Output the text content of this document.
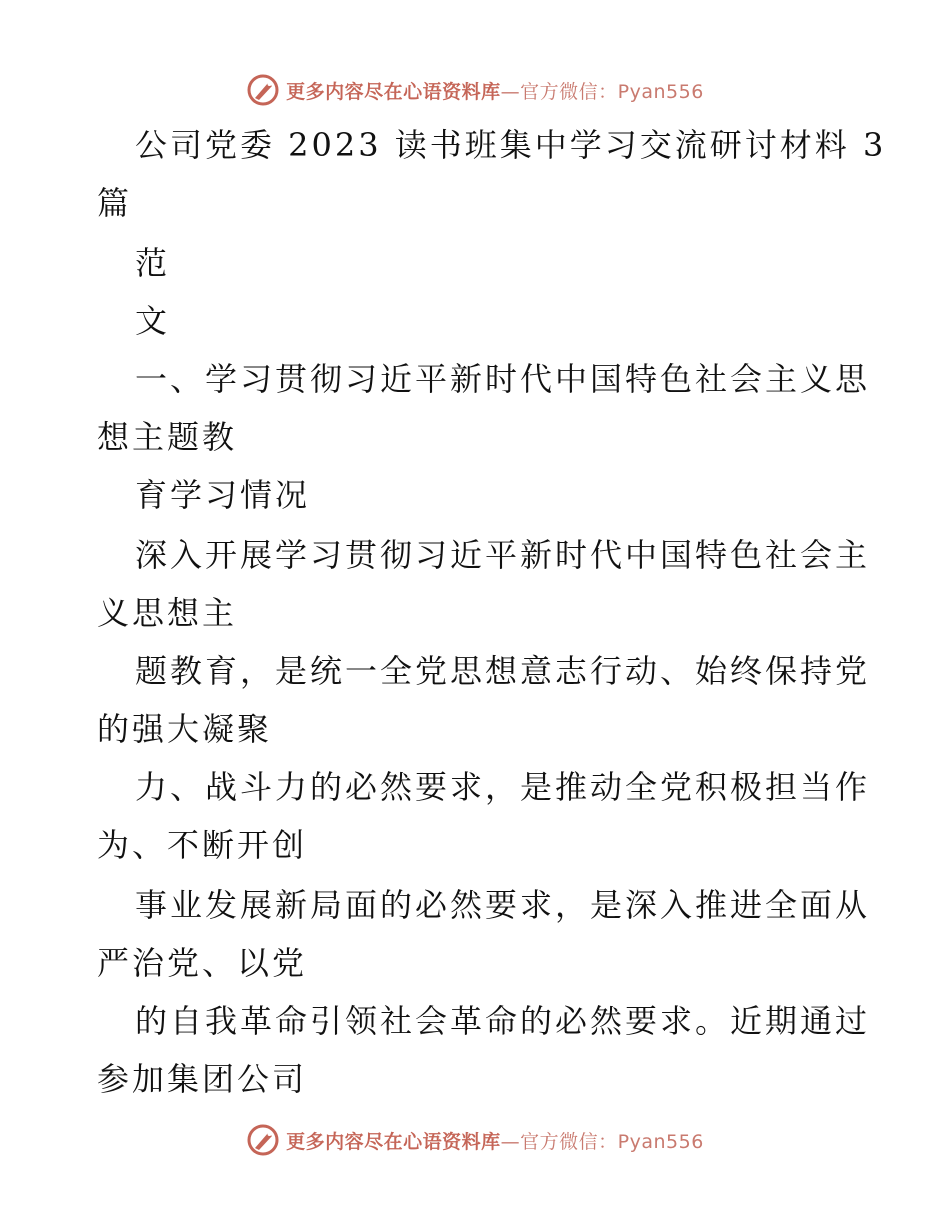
更多内容尽在心语资料库—官方微信：Pyan556
公司党委 2023 读书班集中学习交流研讨材料 3
篇
范
文
一、学习贯彻习近平新时代中国特色社会主义思
想主题教
育学习情况
深入开展学习贯彻习近平新时代中国特色社会主
义思想主
题教育，是统一全党思想意志行动、始终保持党
的强大凝聚
力、战斗力的必然要求，是推动全党积极担当作
为、不断开创
事业发展新局面的必然要求，是深入推进全面从
严治党、以党
的自我革命引领社会革命的必然要求。近期通过
参加集团公司
更多内容尽在心语资料库—官方微信：Pyan556
